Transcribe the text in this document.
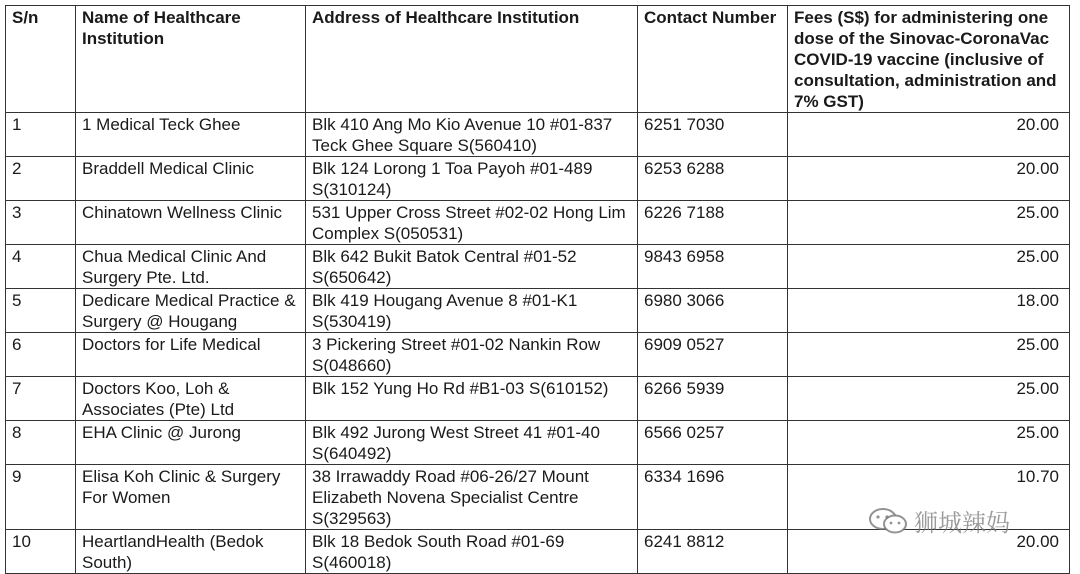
S/n	Name of Healthcare Institution	Address of Healthcare Institution	Contact Number	Fees (S$) for administering one dose of the Sinovac-CoronaVac COVID-19 vaccine (inclusive of consultation, administration and 7% GST)
1	1 Medical Teck Ghee	Blk 410 Ang Mo Kio Avenue 10 #01-837 Teck Ghee Square S(560410)	6251 7030	20.00
2	Braddell Medical Clinic	Blk 124 Lorong 1 Toa Payoh #01-489 S(310124)	6253 6288	20.00
3	Chinatown Wellness Clinic	531 Upper Cross Street #02-02 Hong Lim Complex S(050531)	6226 7188	25.00
4	Chua Medical Clinic And Surgery Pte. Ltd.	Blk 642 Bukit Batok Central #01-52 S(650642)	9843 6958	25.00
5	Dedicare Medical Practice & Surgery @ Hougang	Blk 419 Hougang Avenue 8 #01-K1 S(530419)	6980 3066	18.00
6	Doctors for Life Medical	3 Pickering Street #01-02 Nankin Row S(048660)	6909 0527	25.00
7	Doctors Koo, Loh & Associates (Pte) Ltd	Blk 152 Yung Ho Rd #B1-03 S(610152)	6266 5939	25.00
8	EHA Clinic @ Jurong	Blk 492 Jurong West Street 41 #01-40 S(640492)	6566 0257	25.00
9	Elisa Koh Clinic & Surgery For Women	38 Irrawaddy Road #06-26/27 Mount Elizabeth Novena Specialist Centre S(329563)	6334 1696	10.70
10	HeartlandHealth (Bedok South)	Blk 18 Bedok South Road #01-69 S(460018)	6241 8812	20.00
狮城辣妈
